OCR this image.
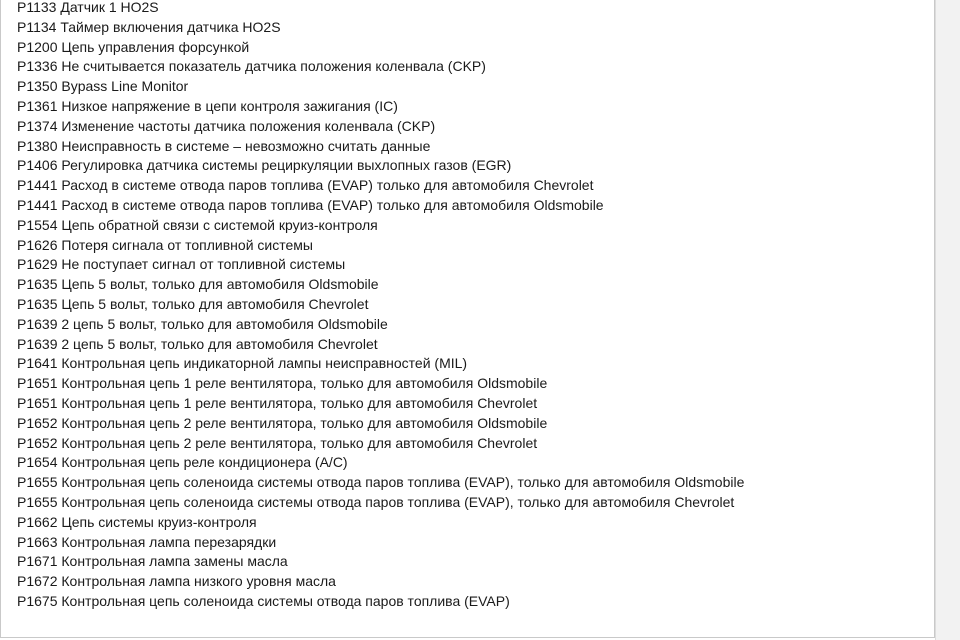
P1133 Датчик 1 HO2S
P1134 Таймер включения датчика HO2S
P1200 Цепь управления форсункой
P1336 Не считывается показатель датчика положения коленвала (CKP)
P1350 Bypass Line Monitor
P1361 Низкое напряжение в цепи контроля зажигания (IC)
P1374 Изменение частоты датчика положения коленвала (CKP)
P1380 Неисправность в системе – невозможно считать данные
P1406 Регулировка датчика системы рециркуляции выхлопных газов (EGR)
P1441 Расход в системе отвода паров топлива (EVAP) только для автомобиля Chevrolet
P1441 Расход в системе отвода паров топлива (EVAP) только для автомобиля Oldsmobile
P1554 Цепь обратной связи с системой круиз-контроля
P1626 Потеря сигнала от топливной системы
P1629 Не поступает сигнал от топливной системы
P1635 Цепь 5 вольт, только для автомобиля Oldsmobile
P1635 Цепь 5 вольт, только для автомобиля Chevrolet
P1639 2 цепь 5 вольт, только для автомобиля Oldsmobile
P1639 2 цепь 5 вольт, только для автомобиля Chevrolet
P1641 Контрольная цепь индикаторной лампы неисправностей (MIL)
P1651 Контрольная цепь 1 реле вентилятора, только для автомобиля Oldsmobile
P1651 Контрольная цепь 1 реле вентилятора, только для автомобиля Chevrolet
P1652 Контрольная цепь 2 реле вентилятора, только для автомобиля Oldsmobile
P1652 Контрольная цепь 2 реле вентилятора, только для автомобиля Chevrolet
P1654 Контрольная цепь реле кондиционера (A/C)
P1655 Контрольная цепь соленоида системы отвода паров топлива (EVAP), только для автомобиля Oldsmobile
P1655 Контрольная цепь соленоида системы отвода паров топлива (EVAP), только для автомобиля Chevrolet
P1662 Цепь системы круиз-контроля
P1663 Контрольная лампа перезарядки
P1671 Контрольная лампа замены масла
P1672 Контрольная лампа низкого уровня масла
P1675 Контрольная цепь соленоида системы отвода паров топлива (EVAP)
